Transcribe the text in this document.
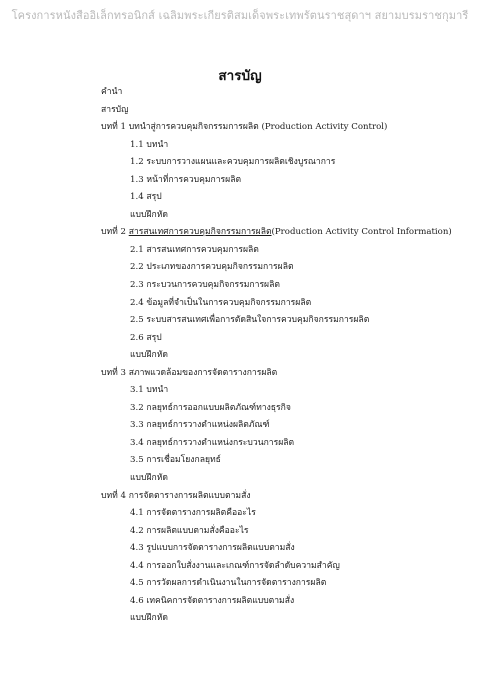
โครงการหนังสืออิเล็กทรอนิกส์ เฉลิมพระเกียรติสมเด็จพระเทพรัตนราชสุดาฯ สยามบรมราชกุมารี
สารบัญ
คำนำ
สารบัญ
บทที่ 1 บทนำสู่การควบคุมกิจกรรมการผลิต (Production Activity Control)
1.1 บทนำ
1.2 ระบบการวางแผนและควบคุมการผลิตเชิงบูรณาการ
1.3 หน้าที่การควบคุมการผลิต
1.4 สรุป
แบบฝึกหัด
บทที่ 2 สารสนเทศการควบคุมกิจกรรมการผลิต(Production Activity Control Information)
2.1 สารสนเทศการควบคุมการผลิต
2.2 ประเภทของการควบคุมกิจกรรมการผลิต
2.3 กระบวนการควบคุมกิจกรรมการผลิต
2.4 ข้อมูลที่จำเป็นในการควบคุมกิจกรรมการผลิต
2.5 ระบบสารสนเทศเพื่อการตัดสินใจการควบคุมกิจกรรมการผลิต
2.6 สรุป
แบบฝึกหัด
บทที่ 3 สภาพแวดล้อมของการจัดตารางการผลิต
3.1 บทนำ
3.2 กลยุทธ์การออกแบบผลิตภัณฑ์ทางธุรกิจ
3.3 กลยุทธ์การวางตำแหน่งผลิตภัณฑ์
3.4 กลยุทธ์การวางตำแหน่งกระบวนการผลิต
3.5 การเชื่อมโยงกลยุทธ์
แบบฝึกหัด
บทที่ 4 การจัดตารางการผลิตแบบตามสั่ง
4.1 การจัดตารางการผลิตคืออะไร
4.2 การผลิตแบบตามสั่งคืออะไร
4.3 รูปแบบการจัดตารางการผลิตแบบตามสั่ง
4.4 การออกใบสั่งงานและเกณฑ์การจัดลำดับความสำคัญ
4.5 การวัดผลการดำเนินงานในการจัดตารางการผลิต
4.6 เทคนิคการจัดตารางการผลิตแบบตามสั่ง
แบบฝึกหัด
